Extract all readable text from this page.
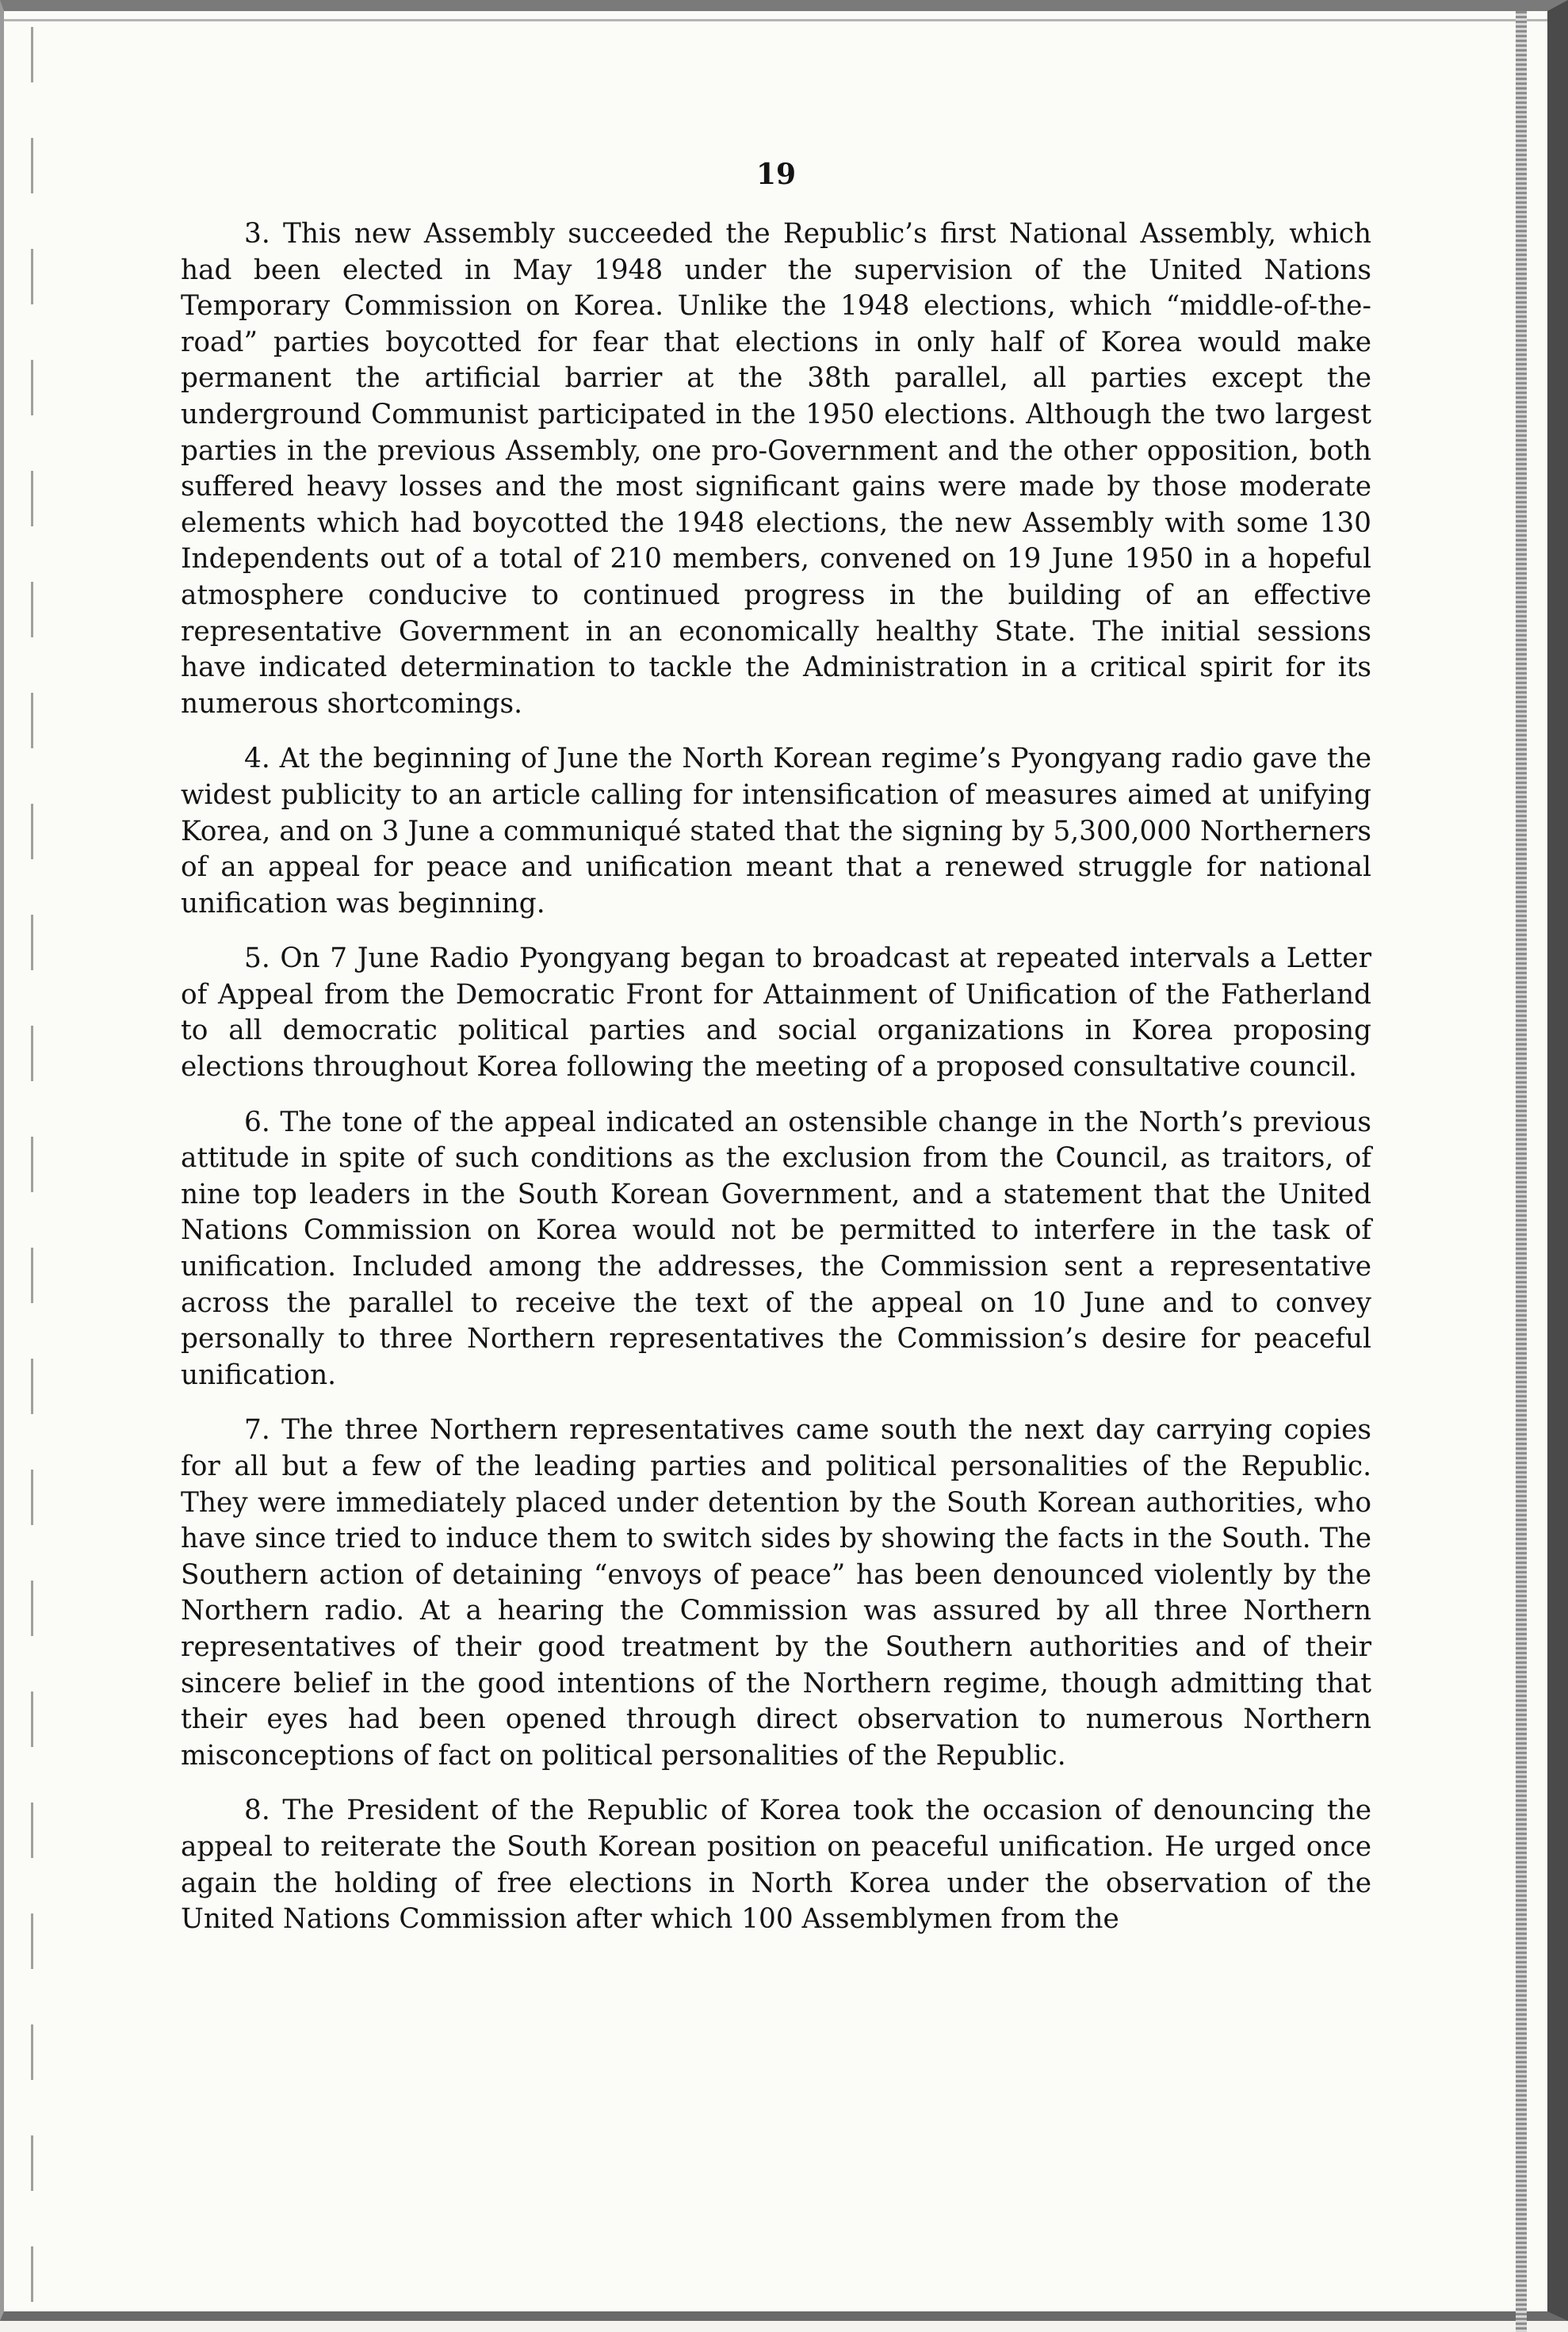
19

3. This new Assembly succeeded the Republic’s first National Assembly, which had been elected in May 1948 under the supervision of the United Nations Temporary Commission on Korea. Unlike the 1948 elections, which “middle-of-the-road” parties boycotted for fear that elections in only half of Korea would make permanent the artificial barrier at the 38th parallel, all parties except the underground Communist participated in the 1950 elections. Although the two largest parties in the previous Assembly, one pro-Government and the other opposition, both suffered heavy losses and the most significant gains were made by those moderate elements which had boycotted the 1948 elections, the new Assembly with some 130 Independents out of a total of 210 members, convened on 19 June 1950 in a hopeful atmosphere conducive to continued progress in the building of an effective representative Government in an economically healthy State. The initial sessions have indicated determination to tackle the Administration in a critical spirit for its numerous shortcomings.

4. At the beginning of June the North Korean regime’s Pyongyang radio gave the widest publicity to an article calling for intensification of measures aimed at unifying Korea, and on 3 June a communiqué stated that the signing by 5,300,000 Northerners of an appeal for peace and unification meant that a renewed struggle for national unification was beginning.

5. On 7 June Radio Pyongyang began to broadcast at repeated intervals a Letter of Appeal from the Democratic Front for Attainment of Unification of the Fatherland to all democratic political parties and social organizations in Korea proposing elections throughout Korea following the meeting of a proposed consultative council.

6. The tone of the appeal indicated an ostensible change in the North’s previous attitude in spite of such conditions as the exclusion from the Council, as traitors, of nine top leaders in the South Korean Government, and a statement that the United Nations Commission on Korea would not be permitted to interfere in the task of unification. Included among the addresses, the Commission sent a representative across the parallel to receive the text of the appeal on 10 June and to convey personally to three Northern representatives the Commission’s desire for peaceful unification.

7. The three Northern representatives came south the next day carrying copies for all but a few of the leading parties and political personalities of the Republic. They were immediately placed under detention by the South Korean authorities, who have since tried to induce them to switch sides by showing the facts in the South. The Southern action of detaining “envoys of peace” has been denounced violently by the Northern radio. At a hearing the Commission was assured by all three Northern representatives of their good treatment by the Southern authorities and of their sincere belief in the good intentions of the Northern regime, though admitting that their eyes had been opened through direct observation to numerous Northern misconceptions of fact on political personalities of the Republic.

8. The President of the Republic of Korea took the occasion of denouncing the appeal to reiterate the South Korean position on peaceful unification. He urged once again the holding of free elections in North Korea under the observation of the United Nations Commission after which 100 Assemblymen from the
